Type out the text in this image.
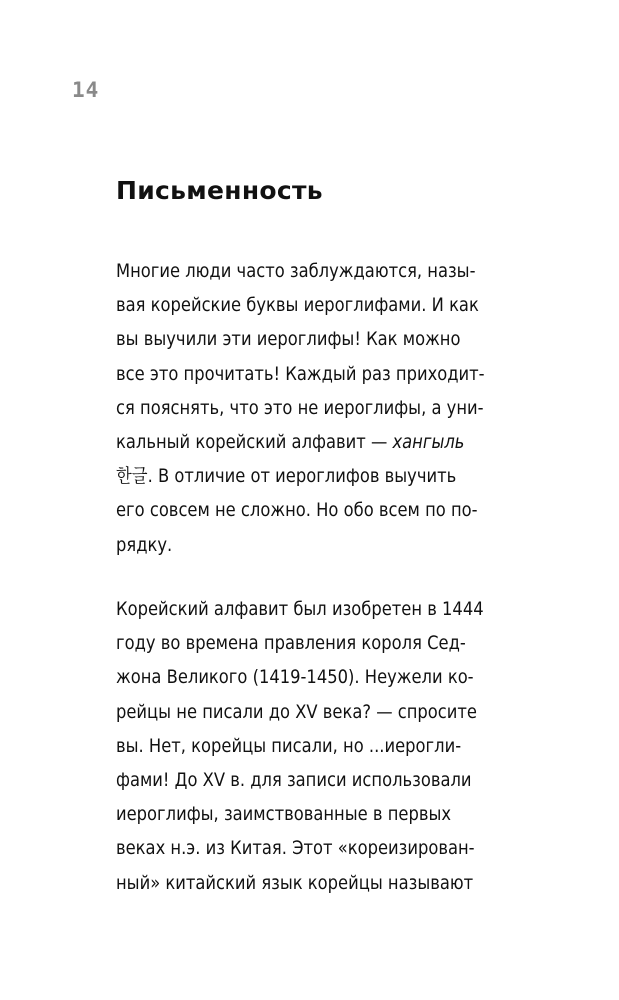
14
Письменность
Многие люди часто заблуждаются, назы-
вая корейские буквы иероглифами. И как
вы выучили эти иероглифы! Как можно
все это прочитать! Каждый раз приходит-
ся пояснять, что это не иероглифы, а уни-
кальный корейский алфавит — хангыль
한글. В отличие от иероглифов выучить
его совсем не сложно. Но обо всем по по-
рядку.
Корейский алфавит был изобретен в 1444
году во времена правления короля Сед-
жона Великого (1419-1450). Неужели ко-
рейцы не писали до XV века? — спросите
вы. Нет, корейцы писали, но ...иерогли-
фами! До XV в. для записи использовали
иероглифы, заимствованные в первых
веках н.э. из Китая. Этот «кореизирован-
ный» китайский язык корейцы называют
